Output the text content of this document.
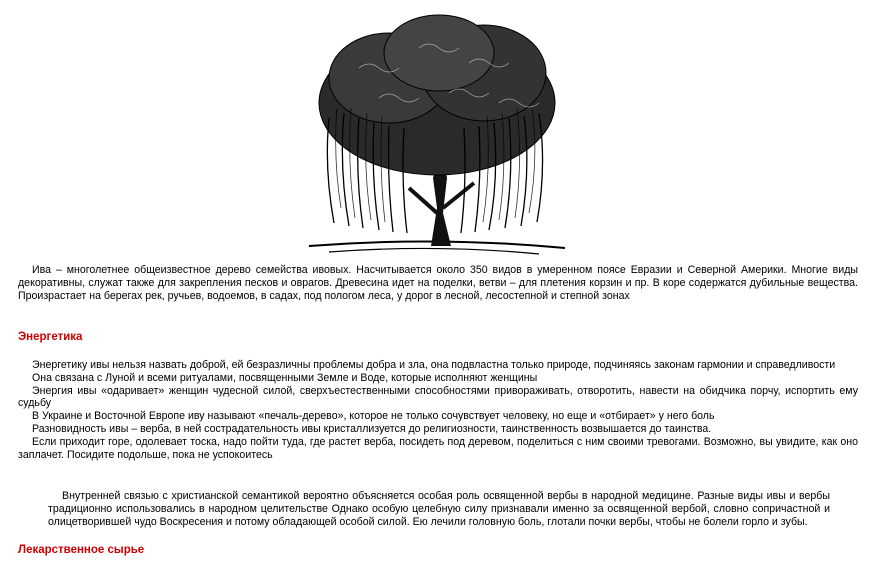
Ива – многолетнее общеизвестное дерево семейства ивовых. Насчитывается около 350 видов в умеренном поясе Евразии и Северной Америки. Многие виды декоративны, служат также для закрепления песков и оврагов. Древесина идет на поделки, ветви – для плетения корзин и пр. В коре содержатся дубильные вещества. Произрастает на берегах рек, ручьев, водоемов, в садах, под пологом леса, у дорог в лесной, лесостепной и степной зонах

Энергетика

Энергетику ивы нельзя назвать доброй, ей безразличны проблемы добра и зла, она подвластна только природе, подчиняясь законам гармонии и справедливости

Она связана с Луной и всеми ритуалами, посвященными Земле и Воде, которые исполняют женщины

Энергия ивы «одаривает» женщин чудесной силой, сверхъестественными способностями привораживать, отворотить, навести на обидчика порчу, испортить ему судьбу

В Украине и Восточной Европе иву называют «печаль-дерево», которое не только сочувствует человеку, но еще и «отбирает» у него боль

Разновидность ивы – верба, в ней сострадательность ивы кристаллизуется до религиозности, таинственность возвышается до таинства.

Если приходит горе, одолевает тоска, надо пойти туда, где растет верба, посидеть под деревом, поделиться с ним своими тревогами. Возможно, вы увидите, как оно заплачет. Посидите подольше, пока не успокоитесь

Внутренней связью с христианской семантикой вероятно объясняется особая роль освященной вербы в народной медицине. Разные виды ивы и вербы традиционно использовались в народном целительстве Однако особую целебную силу признавали именно за освященной вербой, словно сопричастной и олицетворившей чудо Воскресения и потому обладающей особой силой. Ею лечили головную боль, глотали почки вербы, чтобы не болели горло и зубы.

Лекарственное сырье
